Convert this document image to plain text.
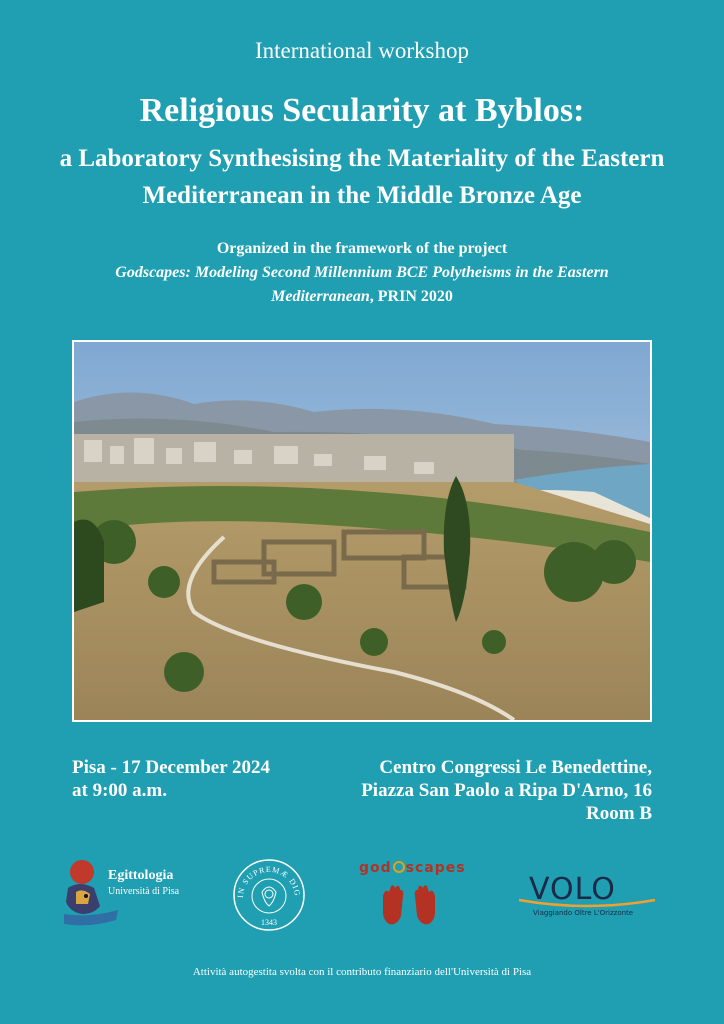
International workshop
Religious Secularity at Byblos:
a Laboratory Synthesising the Materiality of the Eastern
Mediterranean in the Middle Bronze Age
Organized in the framework of the project
Godscapes: Modeling Second Millennium BCE Polytheisms in the Eastern
Mediterranean, PRIN 2020
Pisa - 17 December 2024
at 9:00 a.m.
Centro Congressi Le Benedettine,
Piazza San Paolo a Ripa D'Arno, 16
Room B
Egittologia
Università di Pisa	IN SUPREMÆ DIG
1343
god scapes
VOLO
Viaggiando Oltre L'Orizzonte
Attività autogestita svolta con il contributo finanziario dell'Università di Pisa
